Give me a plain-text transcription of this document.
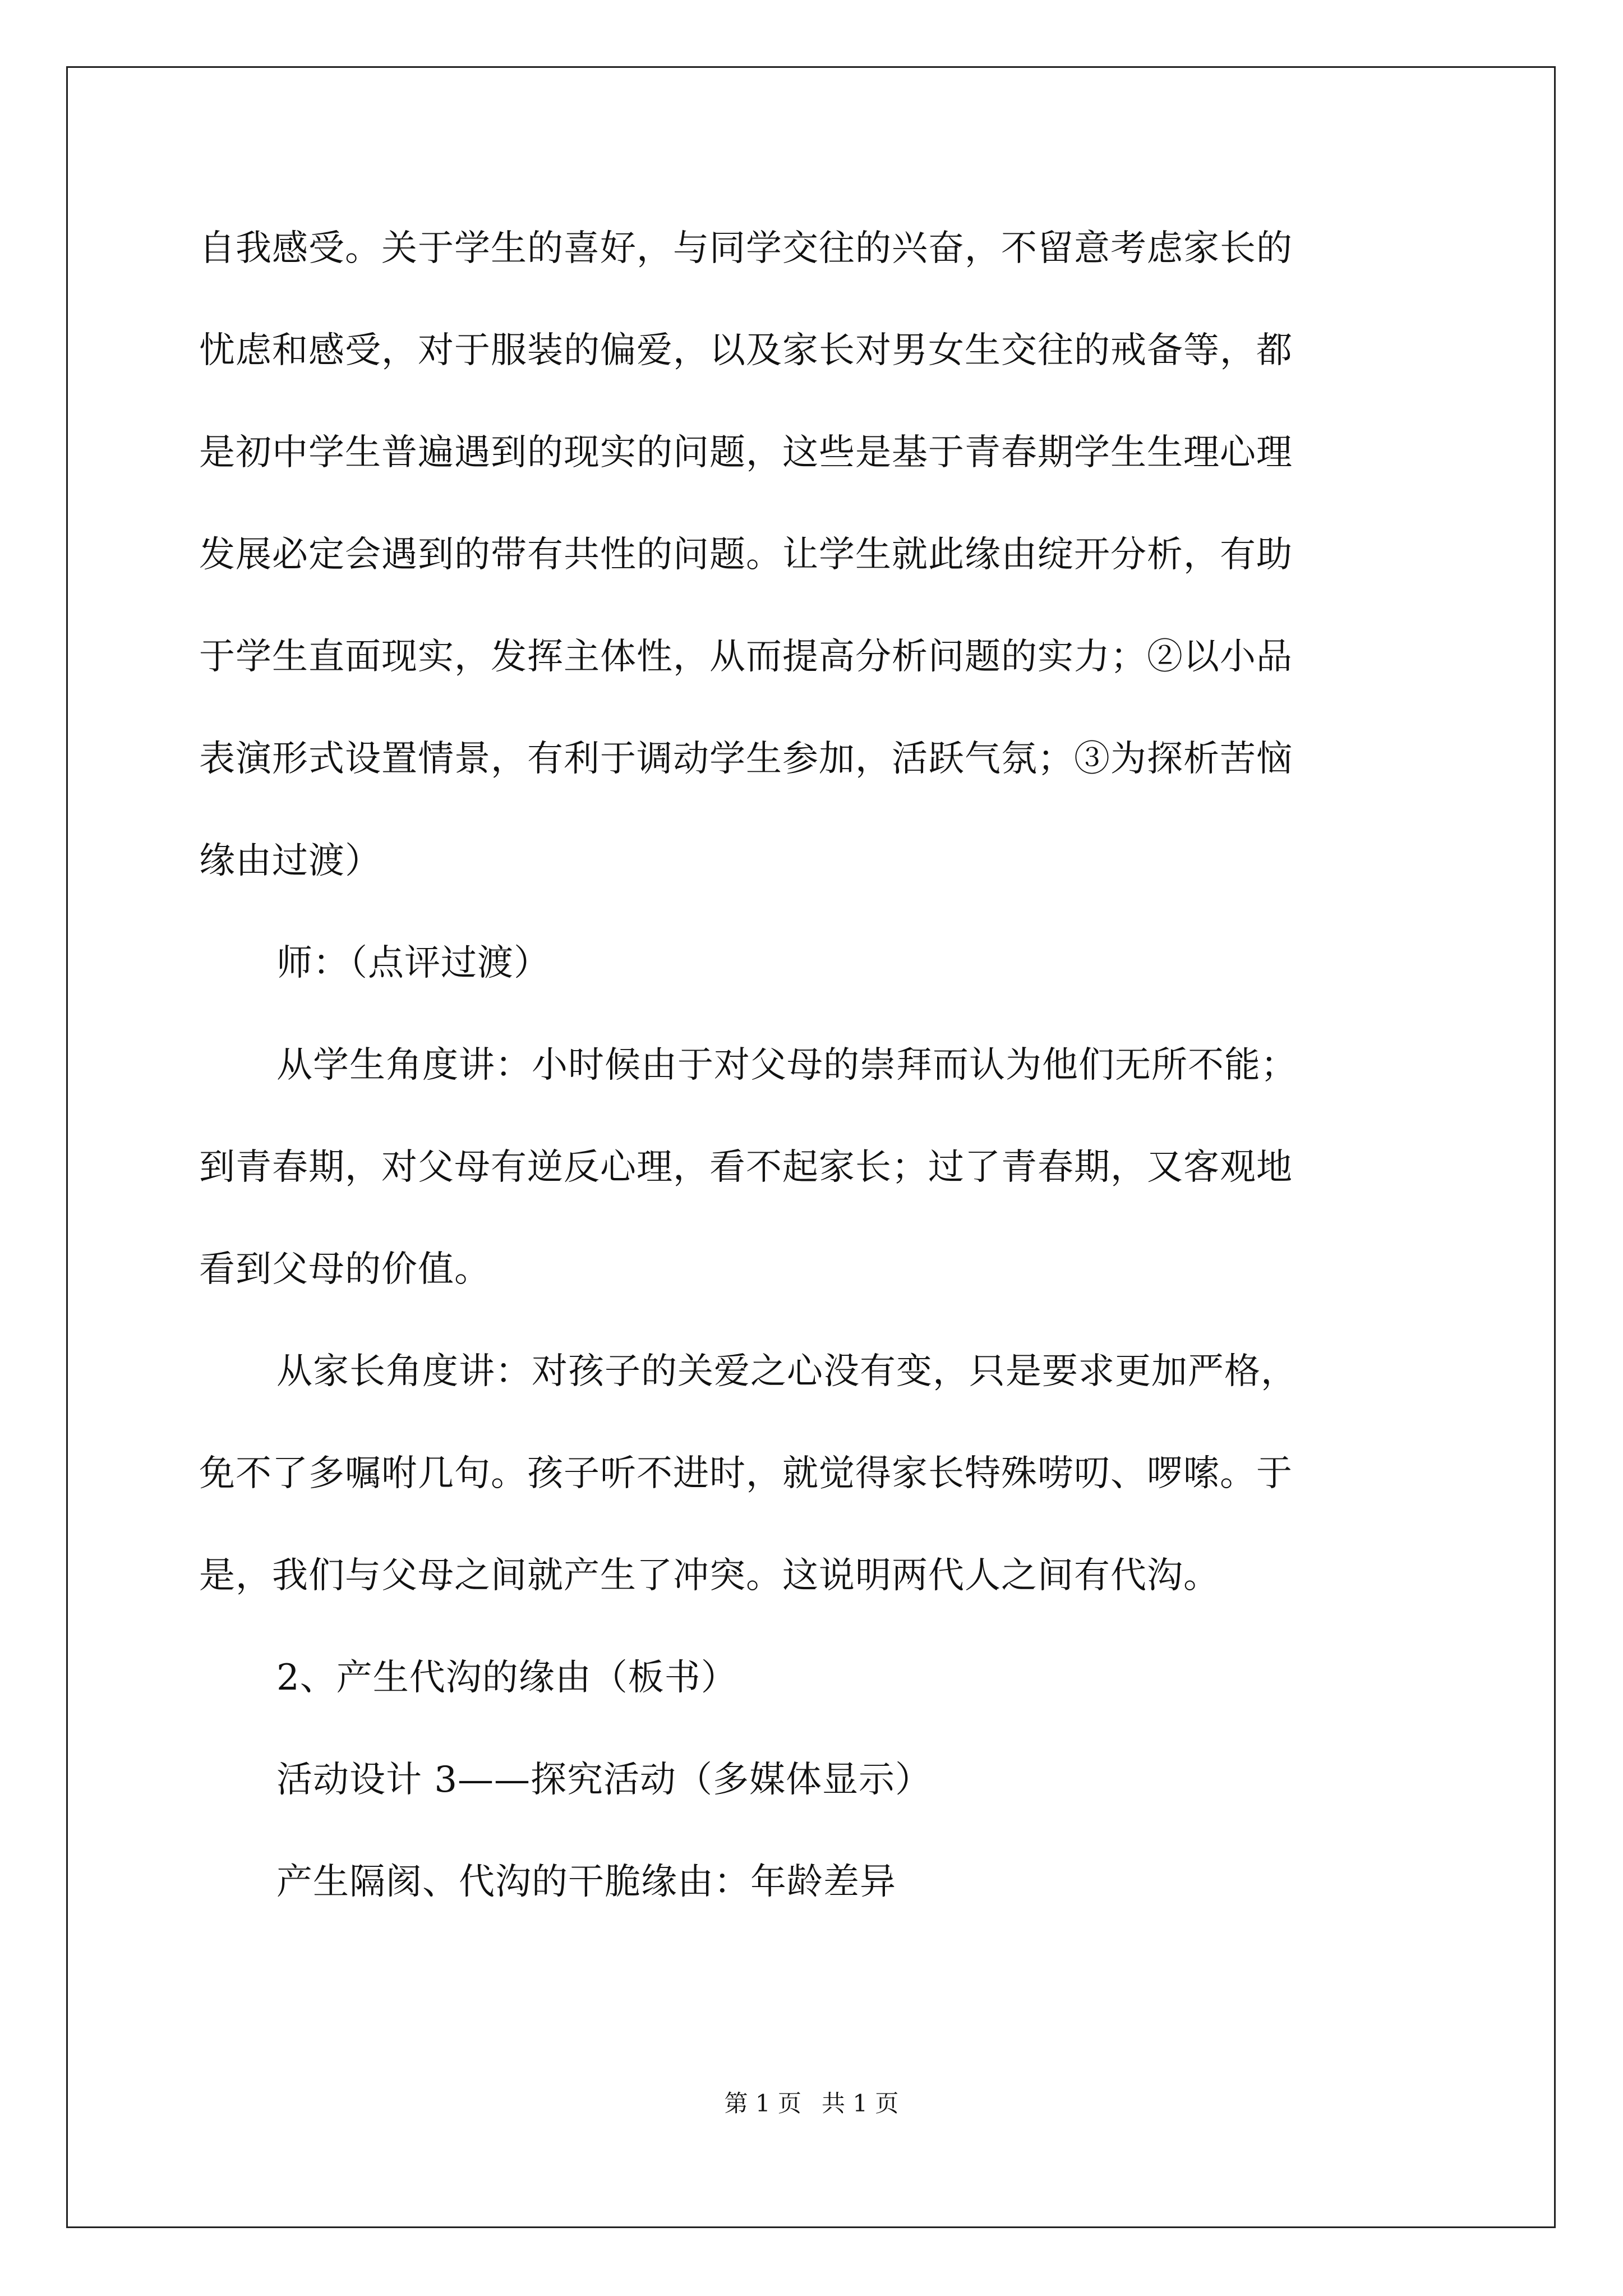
自我感受。关于学生的喜好，与同学交往的兴奋，不留意考虑家长的
忧虑和感受，对于服装的偏爱，以及家长对男女生交往的戒备等，都
是初中学生普遍遇到的现实的问题，这些是基于青春期学生生理心理
发展必定会遇到的带有共性的问题。让学生就此缘由绽开分析，有助
于学生直面现实，发挥主体性，从而提高分析问题的实力；②以小品
表演形式设置情景，有利于调动学生参加，活跃气氛；③为探析苦恼
缘由过渡）
师：（点评过渡）
从学生角度讲：小时候由于对父母的崇拜而认为他们无所不能；
到青春期，对父母有逆反心理，看不起家长；过了青春期，又客观地
看到父母的价值。
从家长角度讲：对孩子的关爱之心没有变，只是要求更加严格，
免不了多嘱咐几句。孩子听不进时，就觉得家长特殊唠叨、啰嗦。于
是，我们与父母之间就产生了冲突。这说明两代人之间有代沟。
2、产生代沟的缘由（板书）
活动设计 3——探究活动（多媒体显示）
产生隔阂、代沟的干脆缘由：年龄差异
第 1 页 共 1 页
